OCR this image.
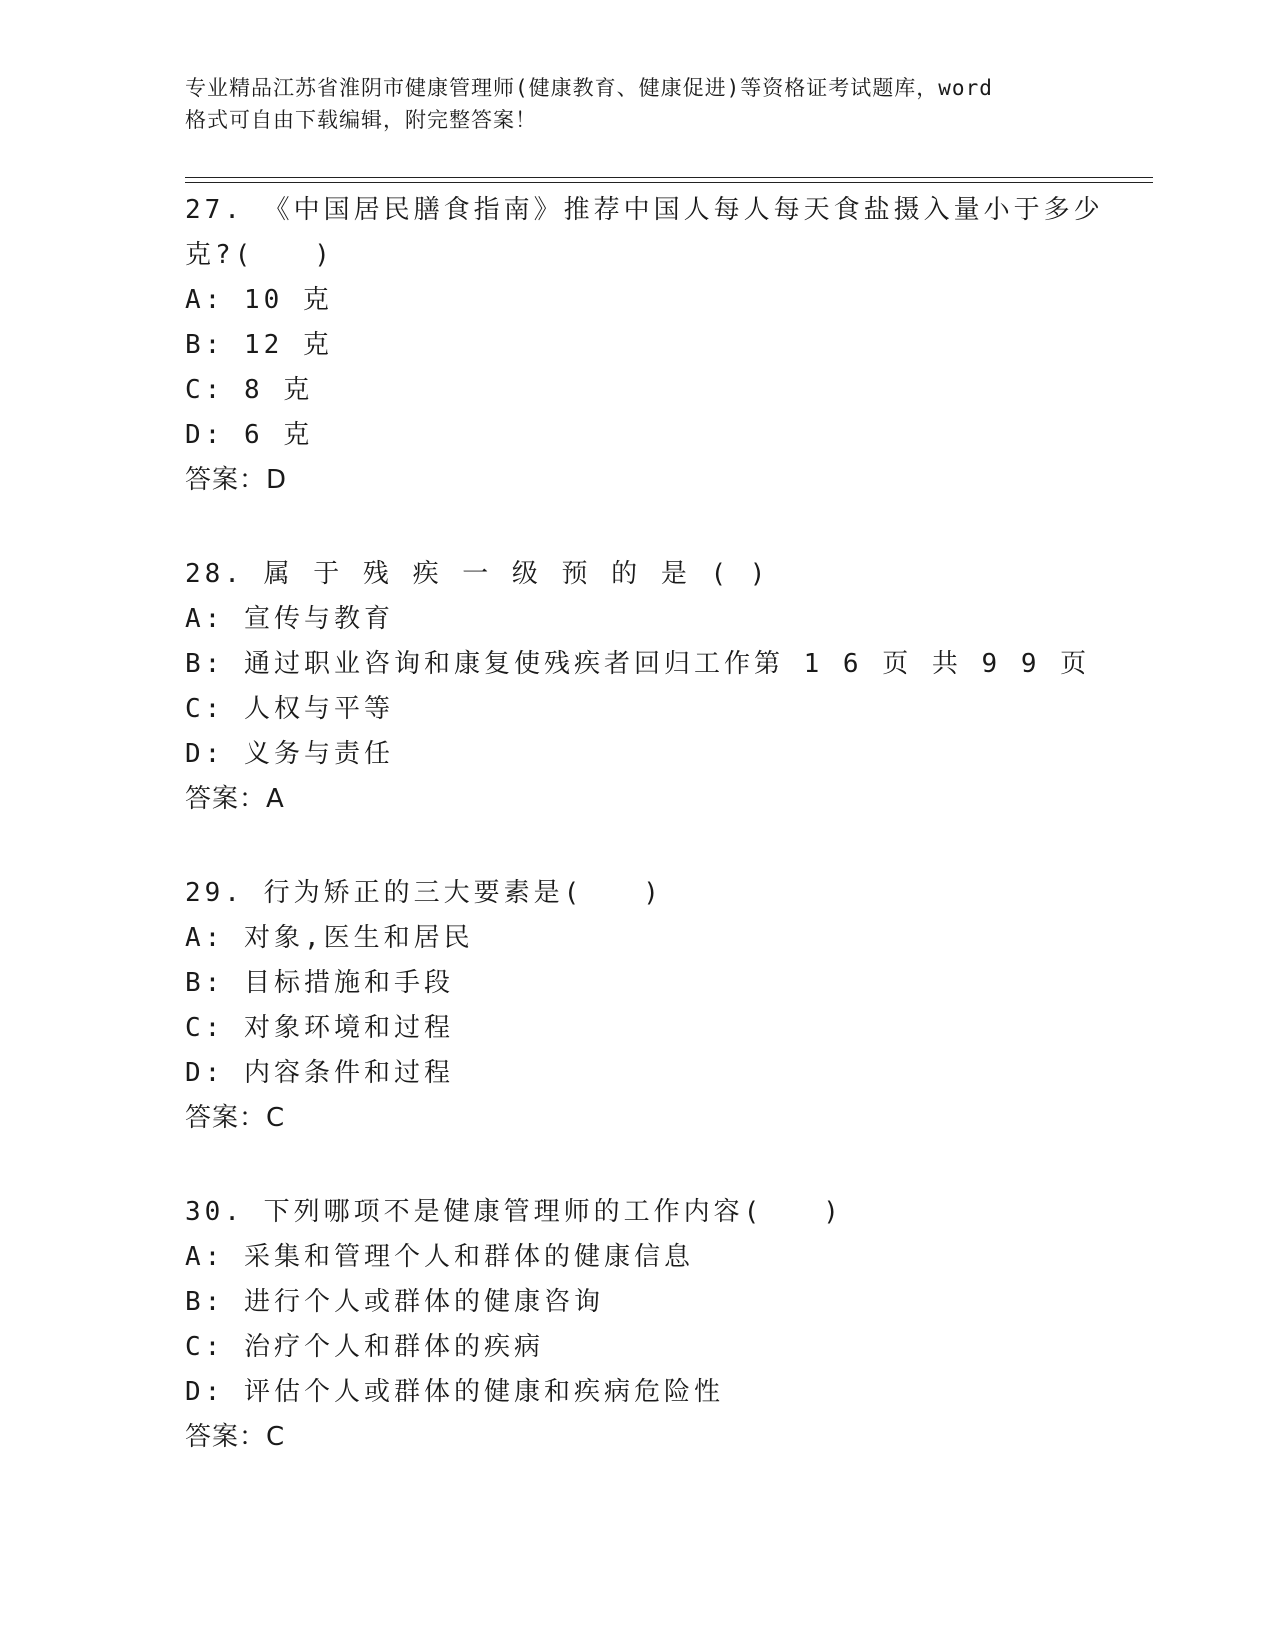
专业精品江苏省淮阴市健康管理师(健康教育、健康促进)等资格证考试题库，word
格式可自由下载编辑，附完整答案！
27. 《中国居民膳食指南》推荐中国人每人每天食盐摄入量小于多少
克?(　　)
A: 10 克
B: 12 克
C: 8 克
D: 6 克
答案：D
28. 属 于 残 疾 一 级 预 的 是 ( )
A: 宣传与教育
B: 通过职业咨询和康复使残疾者回归工作第 1 6 页 共 9 9 页
C: 人权与平等
D: 义务与责任
答案：A
29. 行为矫正的三大要素是(　　)
A: 对象,医生和居民
B: 目标措施和手段
C: 对象环境和过程
D: 内容条件和过程
答案：C
30. 下列哪项不是健康管理师的工作内容(　　)
A: 采集和管理个人和群体的健康信息
B: 进行个人或群体的健康咨询
C: 治疗个人和群体的疾病
D: 评估个人或群体的健康和疾病危险性
答案：C
